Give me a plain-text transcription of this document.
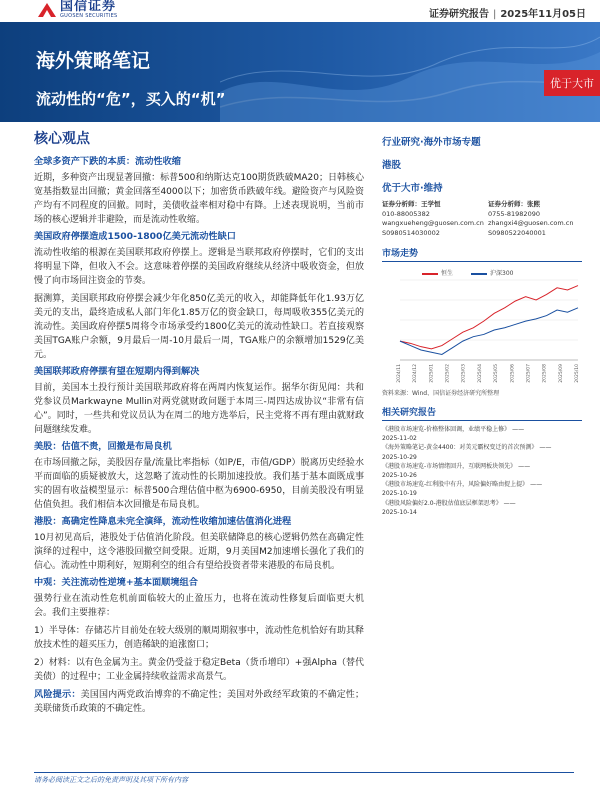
国信证券
GUOSEN SECURITIES	证券研究报告 | 2025年11月05日
海外策略笔记
流动性的“危”，买入的“机”
优于大市
核心观点
全球多资产下跌的本质：流动性收缩

近期，多种资产出现显著回撤：标普500和纳斯达克100期货跌破MA20；日韩核心宽基指数显出回撤；黄金回落至4000以下；加密货币跌破年线。避险资产与风险资产均有不同程度的回撤。同时，美债收益率相对稳中有降。上述表现说明，当前市场的核心逻辑并非避险，而是流动性收缩。

美国政府停摆造成1500-1800亿美元流动性缺口

流动性收缩的根源在美国联邦政府停摆上。逻辑是当联邦政府停摆时，它们的支出将明显下降，但收入不会。这意味着停摆的美国政府继续从经济中吸收资金，但放慢了向市场回注资金的节奏。

据测算，美国联邦政府停摆会减少年化850亿美元的收入，却能降低年化1.93万亿美元的支出，最终造成私人部门年化1.85万亿的资金缺口，每周吸收355亿美元的流动性。美国政府停摆5周将令市场承受约1800亿美元的流动性缺口。若直接观察美国TGA账户余额，9月最后一周-10月最后一周，TGA账户的余额增加1529亿美元。

美国联邦政府停摆有望在短期内得到解决

目前，美国本土投行预计美国联邦政府将在两周内恢复运作。据华尔街见闻：共和党参议员Markwayne Mullin对两党就财政问题于本周三-周四达成协议“非常有信心”。同时，一些共和党议员认为在周二的地方选举后，民主党将不再有理由就财政问题继续发难。

美股：估值不贵，回撤是布局良机

在市场回撤之际，美股因存量/流量比率指标（如P/E，市值/GDP）脱离历史经验水平而面临的质疑被放大，这忽略了流动性的长期加速投放。我们基于基本面既成事实的固有收益模型显示：标普500合理估值中枢为6900-6950，目前美股没有明显估值负担。我们相信本次回撤是布局良机。

港股：高确定性降息未完全演绎，流动性收缩加速估值消化进程

10月初见高后，港股处于估值消化阶段。但美联储降息的核心逻辑仍然在高确定性演绎的过程中，这令港股回撤空间受限。近期，9月美国M2加速增长强化了我们的信心。流动性中期利好，短期利空的组合有望给投资者带来港股的布局良机。

中观：关注流动性逆境+基本面顺境组合

强势行业在流动性危机前面临较大的止盈压力，也将在流动性修复后面临更大机会。我们主要推荐：

1）半导体：存储芯片目前处在较大级别的顺周期叙事中，流动性危机恰好有助其释放技术性的超买压力，创造稀缺的追涨窗口；

2）材料：以有色金属为主。黄金仍受益于稳定Beta（货币增印）+强Alpha（替代美债）的过程中；工业金属持续收益需求高景气。

风险提示：美国国内两党政治博弈的不确定性；美国对外政经军政策的不确定性；美联储货币政策的不确定性。

行业研究·海外市场专题
港股
优于大市·维持
证券分析师：王学恒
010-88005382
wangxueheng@guosen.com.cn
S0980514030002
证券分析师：张熙
0755-81982090
zhangxi4@guosen.com.cn
S0980522040001
市场走势
恒生	沪深300
2024/11 2024/12 2025/01 2025/02 2025/03 2025/04 2025/05 2025/06 2025/07 2025/08 2025/09 2025/10
资料来源：Wind、国信证券经济研究所整理
相关研究报告
《港股市场速览-价格整体回调，业绩平稳上修》 ——
2025-11-02
《海外策略笔记-黄金4400：对美元霸权变迁的首次预测》 ——
2025-10-29
《港股市场速览-市场情绪回升，互联网板块领先》 ——
2025-10-26
《港股市场速览-红利股中有升，风险偏好略由捉上提》 ——
2025-10-19
《港股风险偏好2.0-港股估值底层框架思考》 ——
2025-10-14
请务必阅读正文之后的免责声明及其项下所有内容
